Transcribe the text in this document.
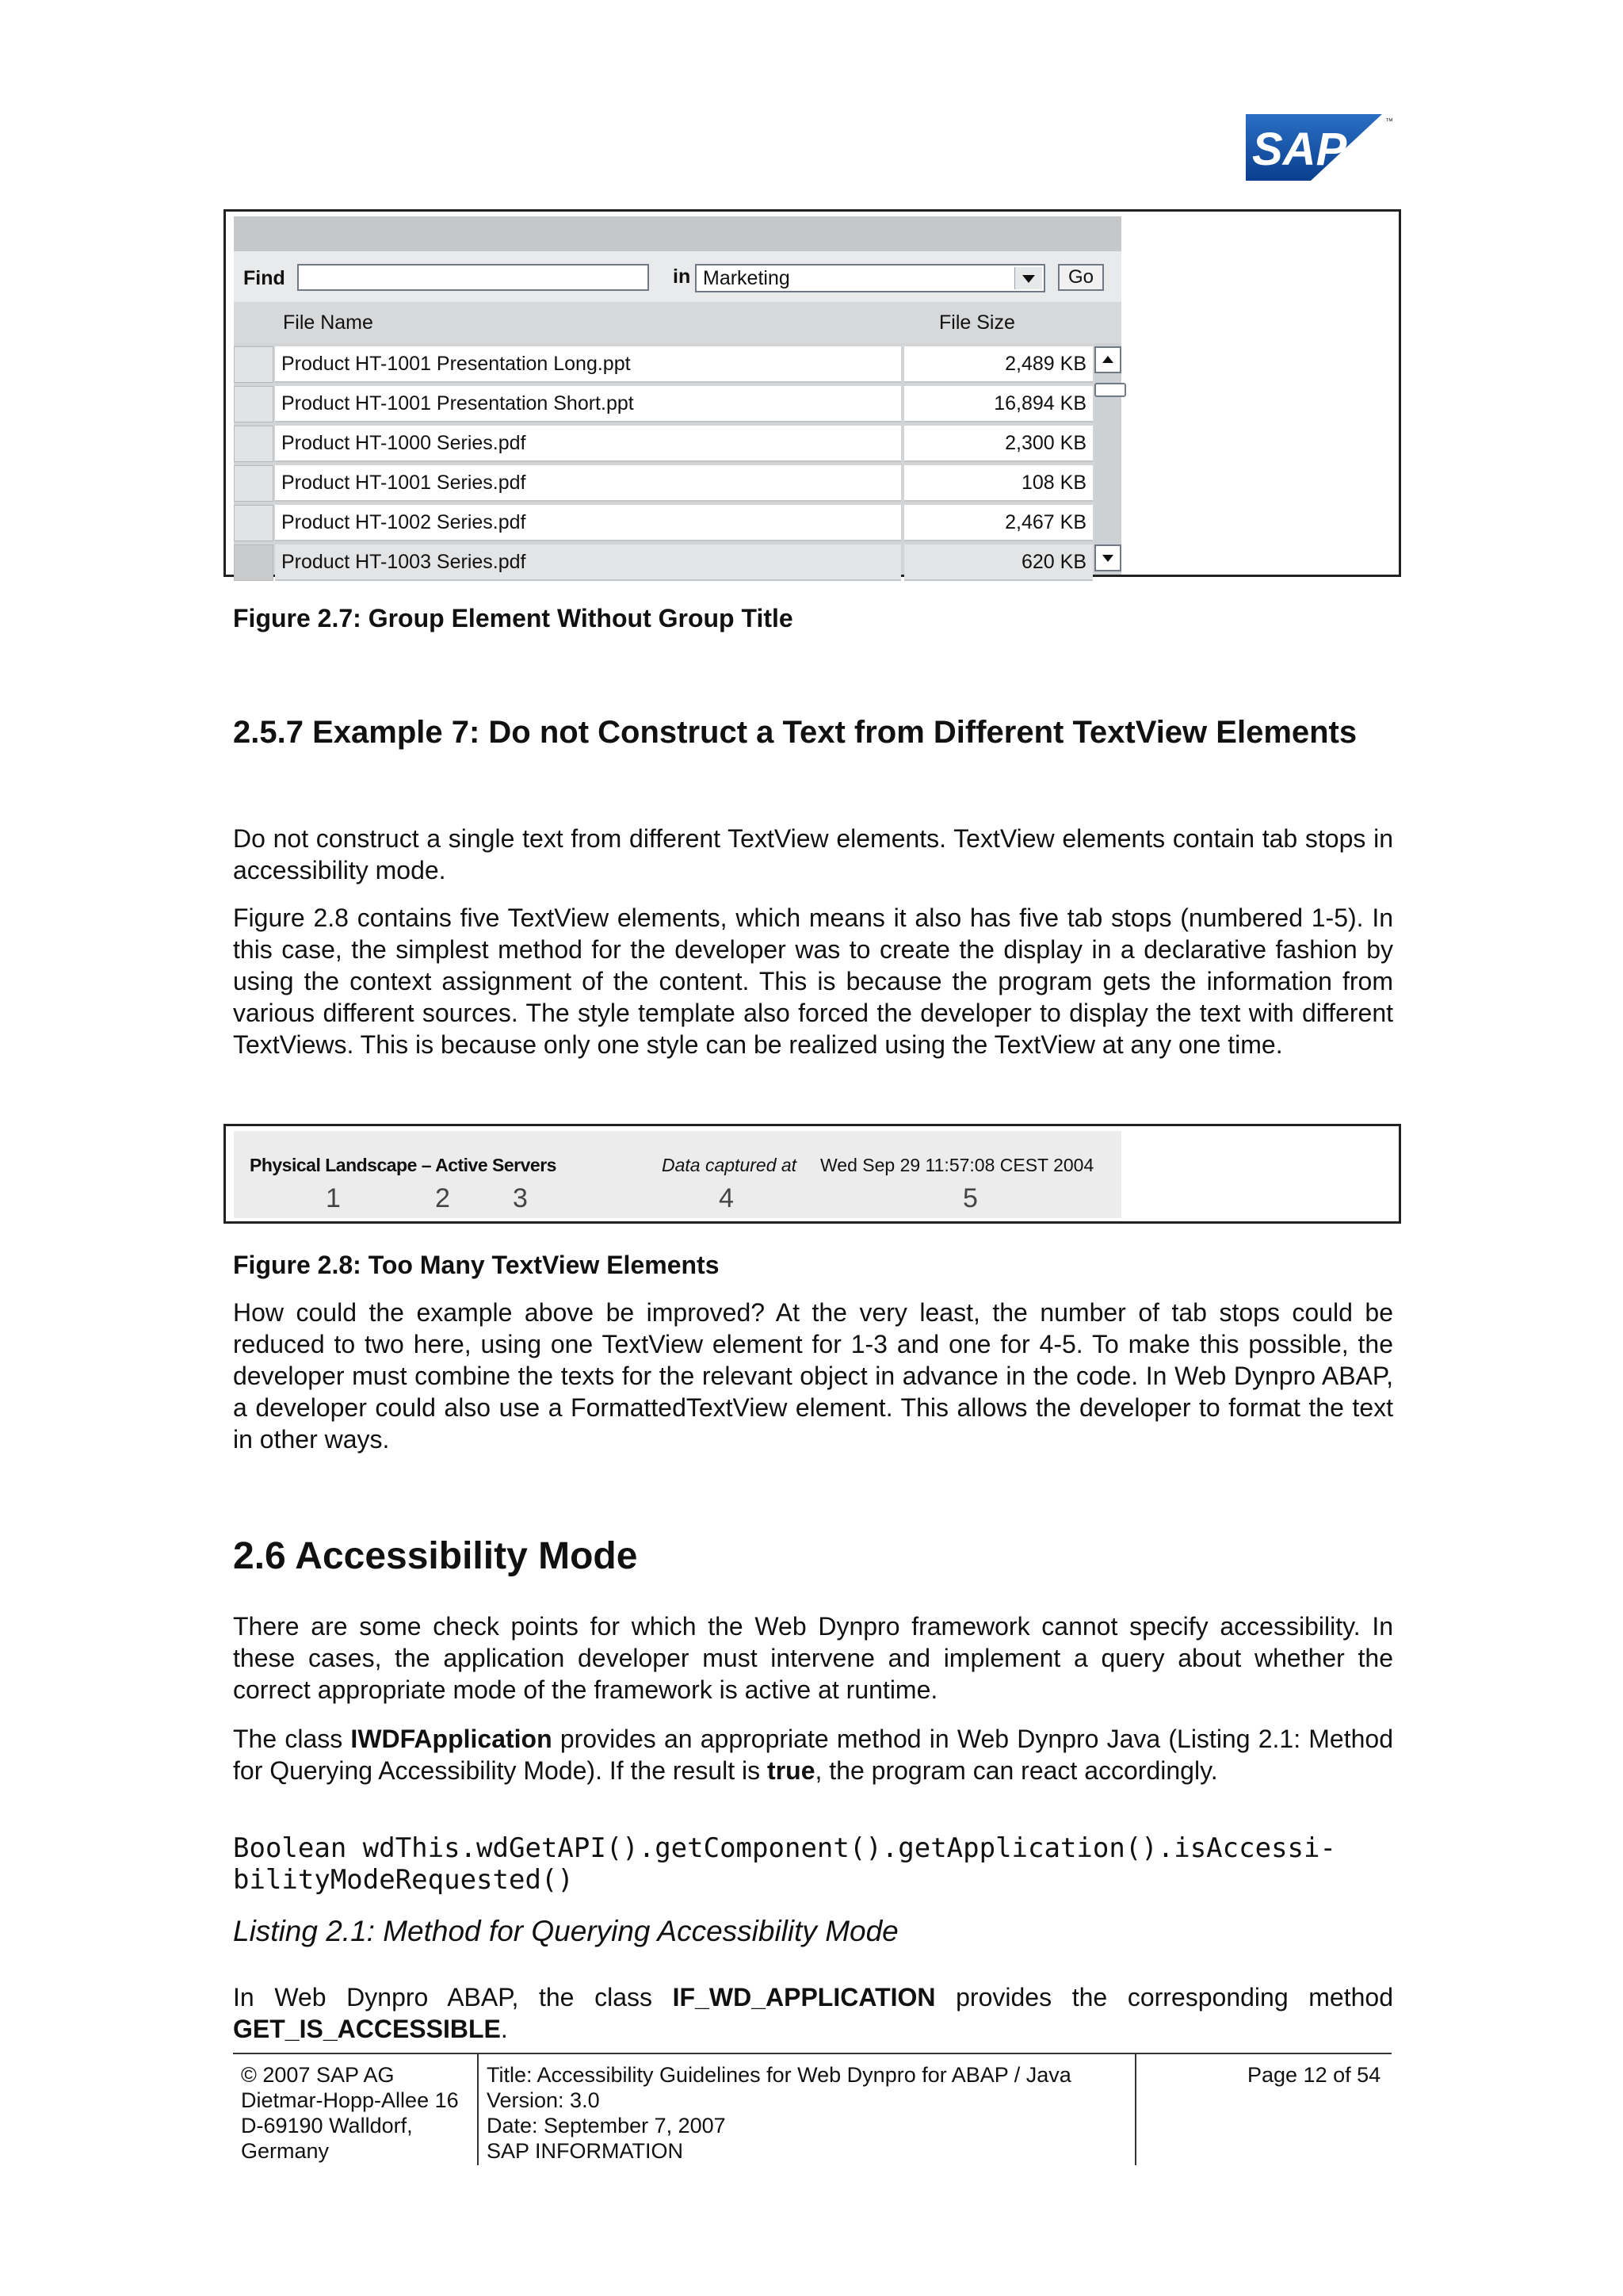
SAP
™
Find	in Marketing	Go
File Name	File Size
Product HT-1001 Presentation Long.ppt	2,489 KB
Product HT-1001 Presentation Short.ppt	16,894 KB
Product HT-1000 Series.pdf	2,300 KB
Product HT-1001 Series.pdf	108 KB
Product HT-1002 Series.pdf	2,467 KB
Product HT-1003 Series.pdf	620 KB
Figure 2.7: Group Element Without Group Title
2.5.7 Example 7: Do not Construct a Text from Different TextView Elements
Do not construct a single text from different TextView elements. TextView elements contain tab stops in accessibility mode.
Figure 2.8 contains five TextView elements, which means it also has five tab stops (numbered 1-5). In this case, the simplest method for the developer was to create the display in a declarative fashion by using the context assignment of the content. This is because the program gets the information from various different sources. The style template also forced the developer to display the text with different TextViews. This is because only one style can be realized using the TextView at any one time.
Physical Landscape – Active Servers	Data captured at Wed Sep 29 11:57:08 CEST 2004
1	2 3	4	5
Figure 2.8: Too Many TextView Elements
How could the example above be improved? At the very least, the number of tab stops could be reduced to two here, using one TextView element for 1-3 and one for 4-5. To make this possible, the developer must combine the texts for the relevant object in advance in the code. In Web Dynpro ABAP, a developer could also use a FormattedTextView element. This allows the developer to format the text in other ways.
2.6 Accessibility Mode
There are some check points for which the Web Dynpro framework cannot specify accessibility. In these cases, the application developer must intervene and implement a query about whether the correct appropriate mode of the framework is active at runtime.
The class IWDFApplication provides an appropriate method in Web Dynpro Java (Listing 2.1: Method for Querying Accessibility Mode). If the result is true, the program can react accordingly.
Boolean wdThis.wdGetAPI().getComponent().getApplication().isAccessi-
bilityModeRequested()
Listing 2.1: Method for Querying Accessibility Mode
In Web Dynpro ABAP, the class IF_WD_APPLICATION provides the corresponding method GET_IS_ACCESSIBLE.
© 2007 SAP AG
Dietmar-Hopp-Allee 16
D-69190 Walldorf,
Germany
Title: Accessibility Guidelines for Web Dynpro for ABAP / Java
Version: 3.0
Date: September 7, 2007
SAP INFORMATION
Page 12 of 54
